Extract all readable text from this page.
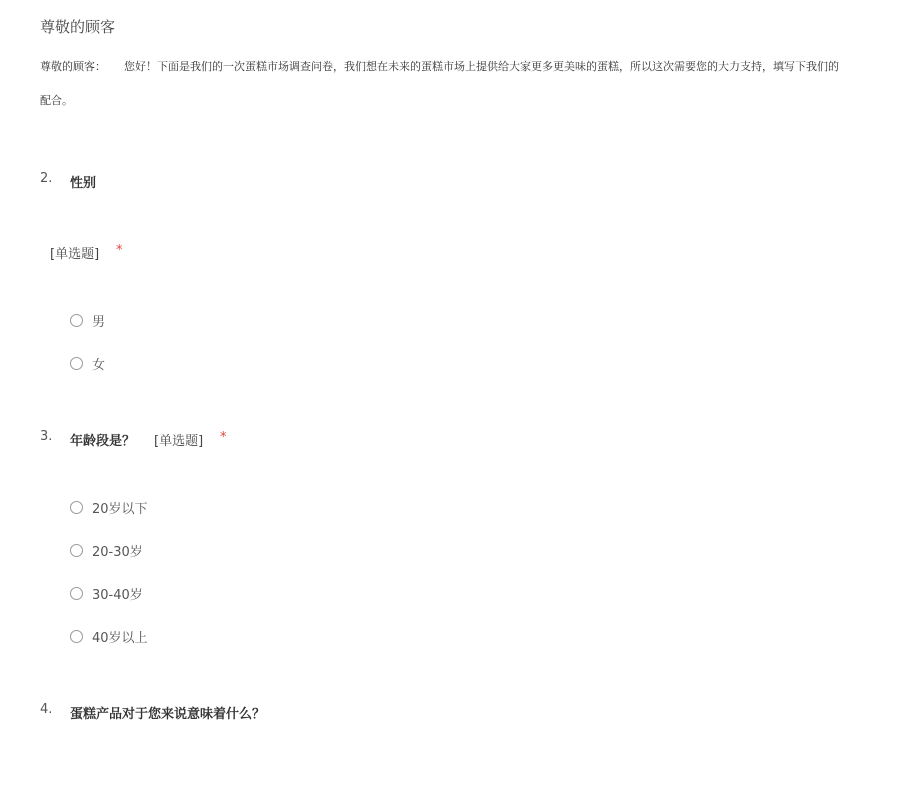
尊敬的顾客
尊敬的顾客： 您好！下面是我们的一次蛋糕市场调查问卷，我们想在未来的蛋糕市场上提供给大家更多更美味的蛋糕，所以这次需要您的大力支持，填写下我们的
配合。
2. 性别
[单选题] *
男
女
3. 年龄段是？ [单选题] *
20岁以下
20-30岁
30-40岁
40岁以上
4. 蛋糕产品对于您来说意味着什么？
